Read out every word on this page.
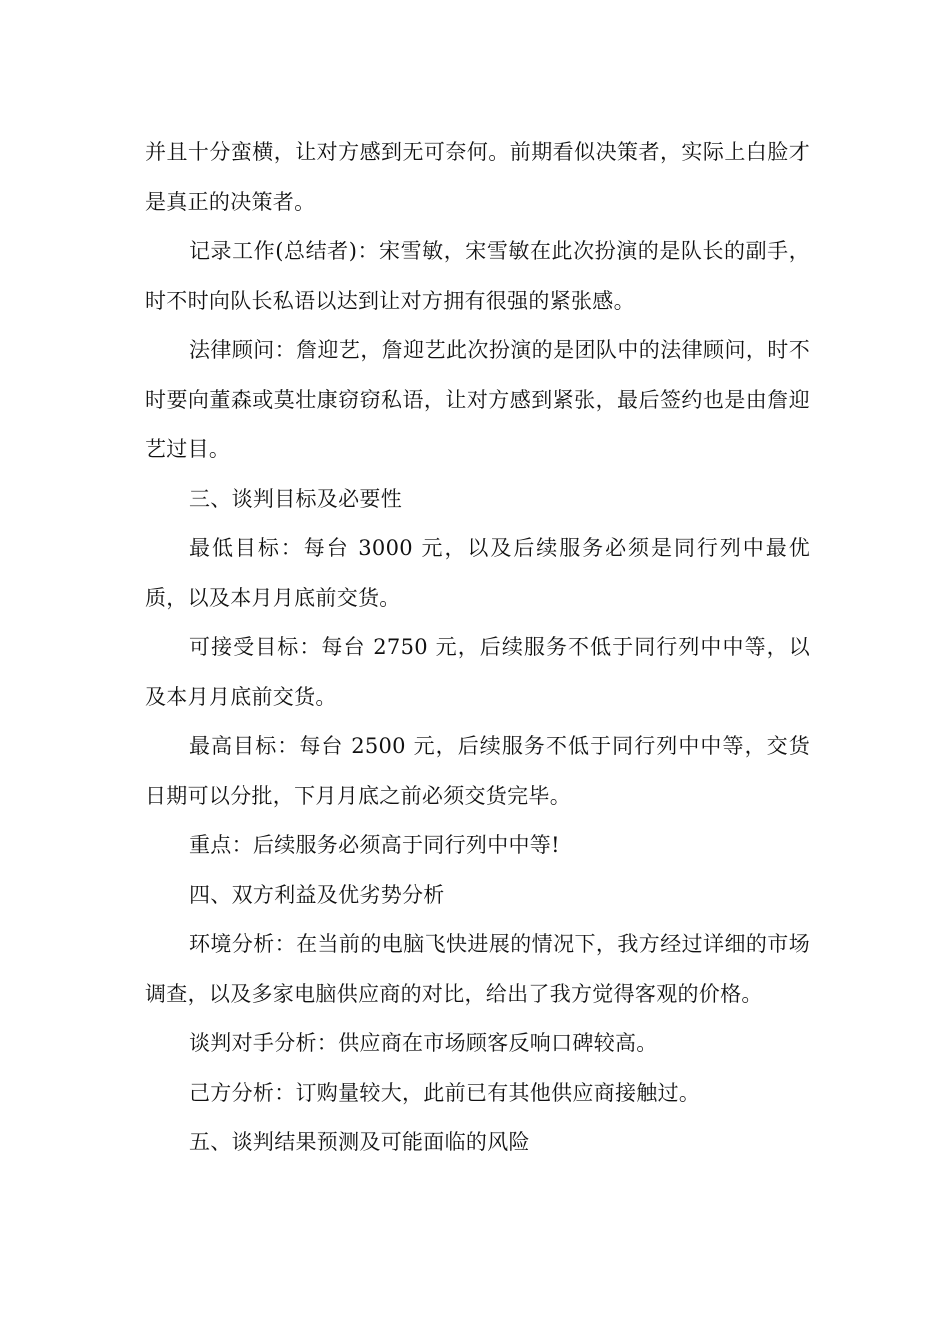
并且十分蛮横，让对方感到无可奈何。前期看似决策者，实际上白脸才是真正的决策者。

记录工作(总结者)：宋雪敏，宋雪敏在此次扮演的是队长的副手，时不时向队长私语以达到让对方拥有很强的紧张感。

法律顾问：詹迎艺，詹迎艺此次扮演的是团队中的法律顾问，时不时要向董森或莫壮康窃窃私语，让对方感到紧张，最后签约也是由詹迎艺过目。

三、谈判目标及必要性

最低目标：每台 3000 元，以及后续服务必须是同行列中最优质，以及本月月底前交货。

可接受目标：每台 2750 元，后续服务不低于同行列中中等，以及本月月底前交货。

最高目标：每台 2500 元，后续服务不低于同行列中中等，交货日期可以分批，下月月底之前必须交货完毕。

重点：后续服务必须高于同行列中中等!

四、双方利益及优劣势分析

环境分析：在当前的电脑飞快进展的情况下，我方经过详细的市场调查，以及多家电脑供应商的对比，给出了我方觉得客观的价格。

谈判对手分析：供应商在市场顾客反响口碑较高。

己方分析：订购量较大，此前已有其他供应商接触过。

五、谈判结果预测及可能面临的风险
